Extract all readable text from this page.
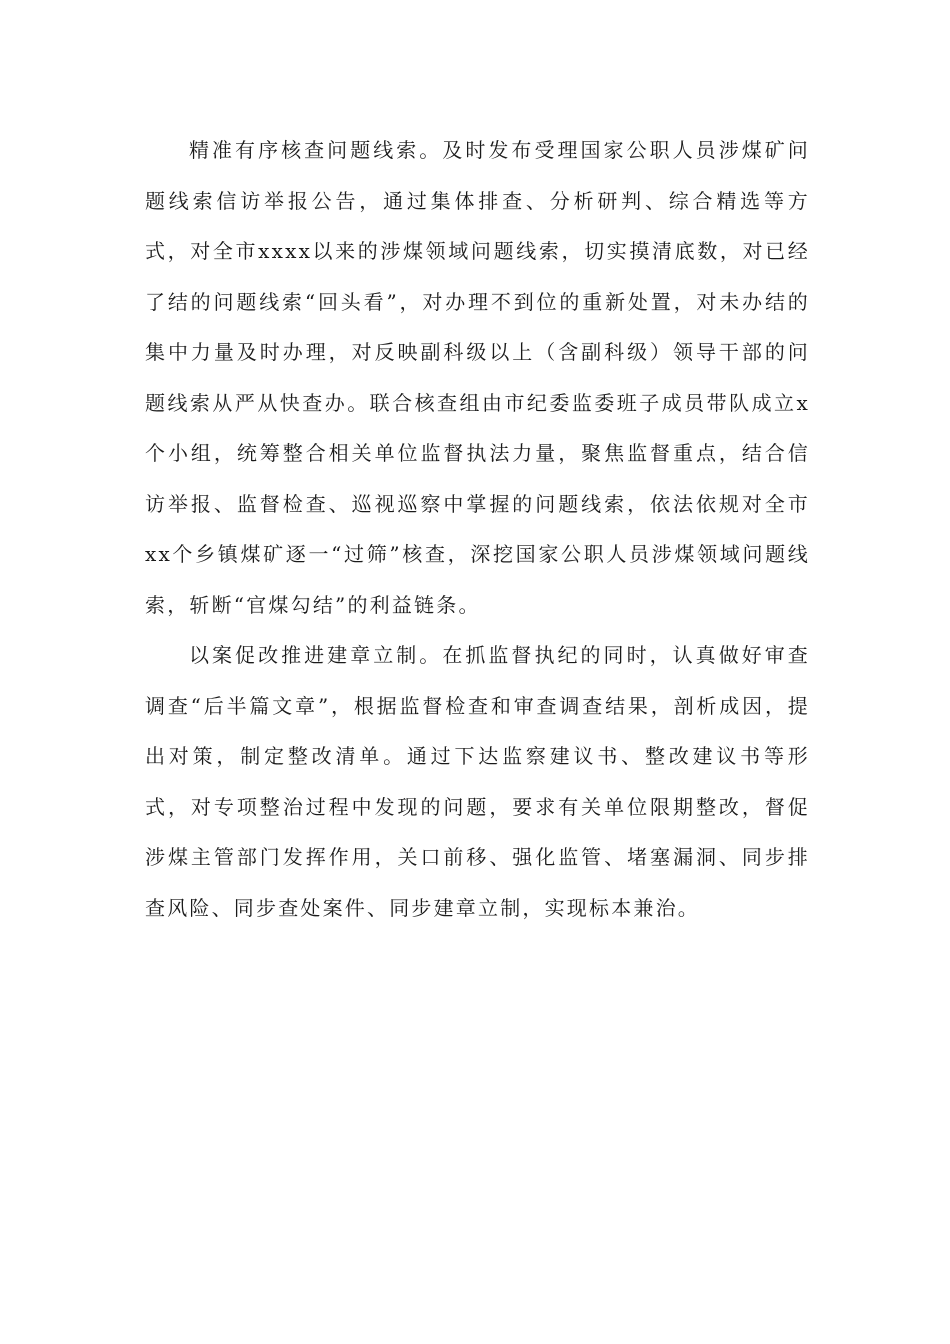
精准有序核查问题线索。及时发布受理国家公职人员涉煤矿问题线索信访举报公告，通过集体排查、分析研判、综合精选等方式，对全市xxxx以来的涉煤领域问题线索，切实摸清底数，对已经了结的问题线索“回头看”，对办理不到位的重新处置，对未办结的集中力量及时办理，对反映副科级以上（含副科级）领导干部的问题线索从严从快查办。联合核查组由市纪委监委班子成员带队成立x个小组，统筹整合相关单位监督执法力量，聚焦监督重点，结合信访举报、监督检查、巡视巡察中掌握的问题线索，依法依规对全市xx个乡镇煤矿逐一“过筛”核查，深挖国家公职人员涉煤领域问题线索，斩断“官煤勾结”的利益链条。

以案促改推进建章立制。在抓监督执纪的同时，认真做好审查调查“后半篇文章”，根据监督检查和审查调查结果，剖析成因，提出对策，制定整改清单。通过下达监察建议书、整改建议书等形式，对专项整治过程中发现的问题，要求有关单位限期整改，督促涉煤主管部门发挥作用，关口前移、强化监管、堵塞漏洞、同步排查风险、同步查处案件、同步建章立制，实现标本兼治。
